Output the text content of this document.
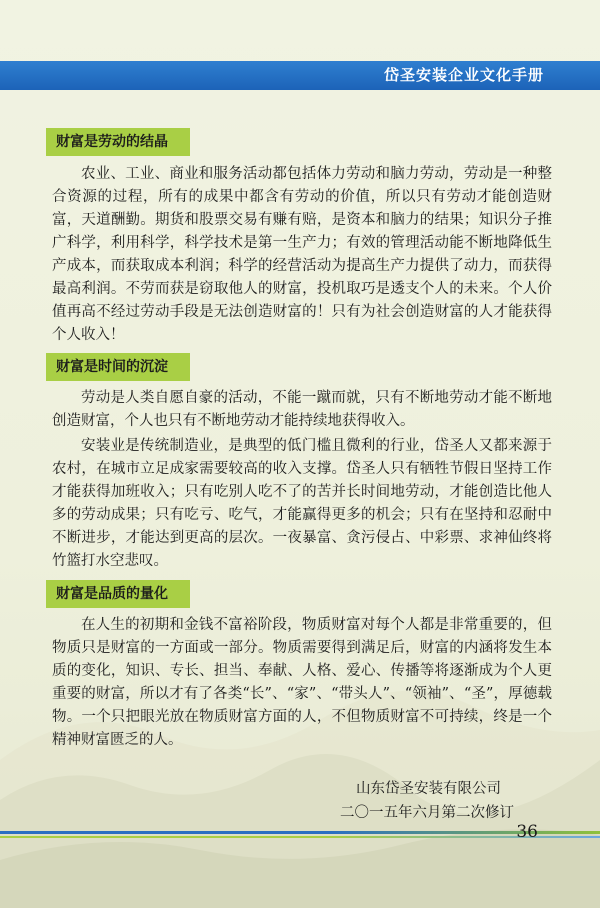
岱圣安装企业文化手册
财富是劳动的结晶

农业、工业、商业和服务活动都包括体力劳动和脑力劳动，劳动是一种整合资源的过程，所有的成果中都含有劳动的价值，所以只有劳动才能创造财富，天道酬勤。期货和股票交易有赚有赔，是资本和脑力的结果；知识分子推广科学，利用科学，科学技术是第一生产力；有效的管理活动能不断地降低生产成本，而获取成本利润；科学的经营活动为提高生产力提供了动力，而获得最高利润。不劳而获是窃取他人的财富，投机取巧是透支个人的未来。个人价值再高不经过劳动手段是无法创造财富的！只有为社会创造财富的人才能获得个人收入！

财富是时间的沉淀

劳动是人类自愿自豪的活动，不能一蹴而就，只有不断地劳动才能不断地创造财富，个人也只有不断地劳动才能持续地获得收入。

安装业是传统制造业，是典型的低门槛且微利的行业，岱圣人又都来源于农村，在城市立足成家需要较高的收入支撑。岱圣人只有牺牲节假日坚持工作才能获得加班收入；只有吃别人吃不了的苦并长时间地劳动，才能创造比他人多的劳动成果；只有吃亏、吃气，才能赢得更多的机会；只有在坚持和忍耐中不断进步，才能达到更高的层次。一夜暴富、贪污侵占、中彩票、求神仙终将竹篮打水空悲叹。

财富是品质的量化

在人生的初期和金钱不富裕阶段，物质财富对每个人都是非常重要的，但物质只是财富的一方面或一部分。物质需要得到满足后，财富的内涵将发生本质的变化，知识、专长、担当、奉献、人格、爱心、传播等将逐渐成为个人更重要的财富，所以才有了各类“长”、“家”、“带头人”、“领袖”、“圣”，厚德载物。一个只把眼光放在物质财富方面的人，不但物质财富不可持续，终是一个精神财富匮乏的人。

山东岱圣安装有限公司
二〇一五年六月第二次修订
36
